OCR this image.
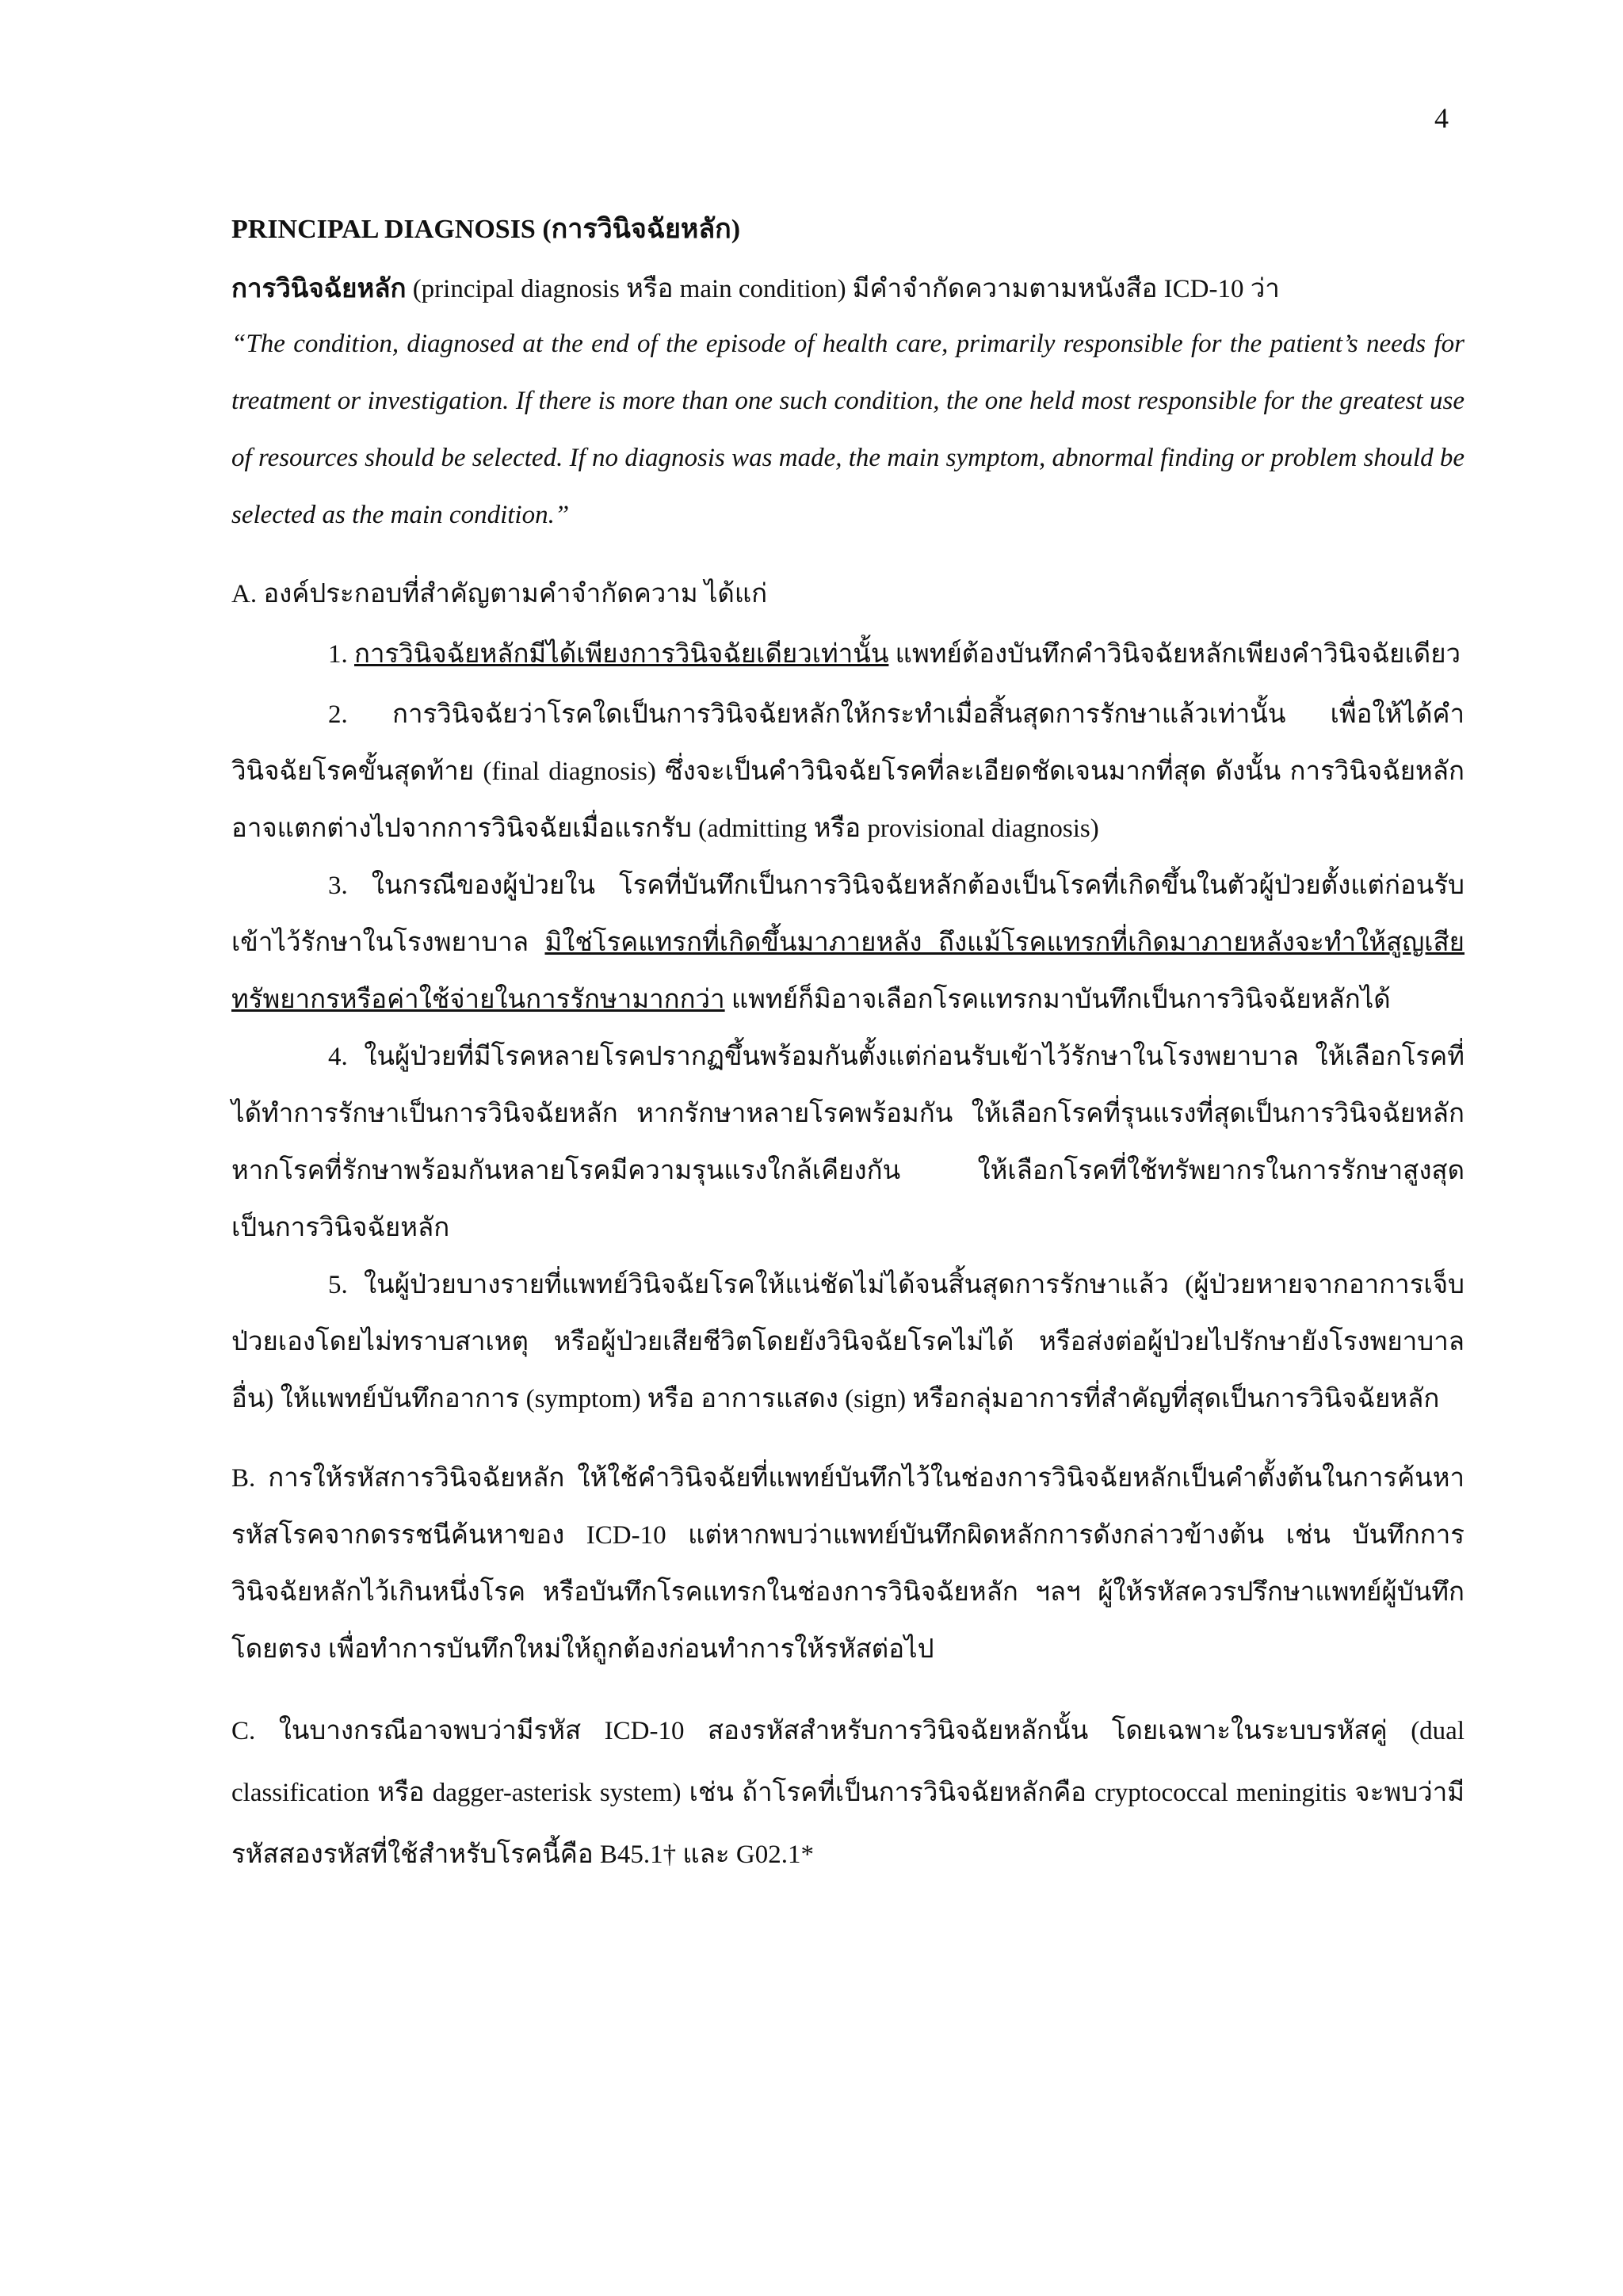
4

PRINCIPAL DIAGNOSIS (การวินิจฉัยหลัก)

การวินิจฉัยหลัก (principal diagnosis หรือ main condition) มีคำจำกัดความตามหนังสือ ICD-10 ว่า

“The condition, diagnosed at the end of the episode of health care, primarily responsible for the patient’s needs for treatment or investigation. If there is more than one such condition, the one held most responsible for the greatest use of resources should be selected. If no diagnosis was made, the main symptom, abnormal finding or problem should be selected as the main condition.”

A. องค์ประกอบที่สำคัญตามคำจำกัดความ ได้แก่

1. การวินิจฉัยหลักมีได้เพียงการวินิจฉัยเดียวเท่านั้น แพทย์ต้องบันทึกคำวินิจฉัยหลักเพียงคำวินิจฉัยเดียว

2. การวินิจฉัยว่าโรคใดเป็นการวินิจฉัยหลักให้กระทำเมื่อสิ้นสุดการรักษาแล้วเท่านั้น เพื่อให้ได้คำวินิจฉัยโรคขั้นสุดท้าย (final diagnosis) ซึ่งจะเป็นคำวินิจฉัยโรคที่ละเอียดชัดเจนมากที่สุด ดังนั้น การวินิจฉัยหลักอาจแตกต่างไปจากการวินิจฉัยเมื่อแรกรับ (admitting หรือ provisional diagnosis)

3. ในกรณีของผู้ป่วยใน โรคที่บันทึกเป็นการวินิจฉัยหลักต้องเป็นโรคที่เกิดขึ้นในตัวผู้ป่วยตั้งแต่ก่อนรับเข้าไว้รักษาในโรงพยาบาล มิใช่โรคแทรกที่เกิดขึ้นมาภายหลัง ถึงแม้โรคแทรกที่เกิดมาภายหลังจะทำให้สูญเสียทรัพยากรหรือค่าใช้จ่ายในการรักษามากกว่า แพทย์ก็มิอาจเลือกโรคแทรกมาบันทึกเป็นการวินิจฉัยหลักได้

4. ในผู้ป่วยที่มีโรคหลายโรคปรากฏขึ้นพร้อมกันตั้งแต่ก่อนรับเข้าไว้รักษาในโรงพยาบาล ให้เลือกโรคที่ได้ทำการรักษาเป็นการวินิจฉัยหลัก หากรักษาหลายโรคพร้อมกัน ให้เลือกโรคที่รุนแรงที่สุดเป็นการวินิจฉัยหลัก หากโรคที่รักษาพร้อมกันหลายโรคมีความรุนแรงใกล้เคียงกัน ให้เลือกโรคที่ใช้ทรัพยากรในการรักษาสูงสุดเป็นการวินิจฉัยหลัก

5. ในผู้ป่วยบางรายที่แพทย์วินิจฉัยโรคให้แน่ชัดไม่ได้จนสิ้นสุดการรักษาแล้ว (ผู้ป่วยหายจากอาการเจ็บป่วยเองโดยไม่ทราบสาเหตุ หรือผู้ป่วยเสียชีวิตโดยยังวินิจฉัยโรคไม่ได้ หรือส่งต่อผู้ป่วยไปรักษายังโรงพยาบาลอื่น) ให้แพทย์บันทึกอาการ (symptom) หรือ อาการแสดง (sign) หรือกลุ่มอาการที่สำคัญที่สุดเป็นการวินิจฉัยหลัก

B. การให้รหัสการวินิจฉัยหลัก ให้ใช้คำวินิจฉัยที่แพทย์บันทึกไว้ในช่องการวินิจฉัยหลักเป็นคำตั้งต้นในการค้นหารหัสโรคจากดรรชนีค้นหาของ ICD-10 แต่หากพบว่าแพทย์บันทึกผิดหลักการดังกล่าวข้างต้น เช่น บันทึกการวินิจฉัยหลักไว้เกินหนึ่งโรค หรือบันทึกโรคแทรกในช่องการวินิจฉัยหลัก ฯลฯ ผู้ให้รหัสควรปรึกษาแพทย์ผู้บันทึกโดยตรง เพื่อทำการบันทึกใหม่ให้ถูกต้องก่อนทำการให้รหัสต่อไป

C. ในบางกรณีอาจพบว่ามีรหัส ICD-10 สองรหัสสำหรับการวินิจฉัยหลักนั้น โดยเฉพาะในระบบรหัสคู่ (dual classification หรือ dagger-asterisk system) เช่น ถ้าโรคที่เป็นการวินิจฉัยหลักคือ cryptococcal meningitis จะพบว่ามีรหัสสองรหัสที่ใช้สำหรับโรคนี้คือ B45.1† และ G02.1*
